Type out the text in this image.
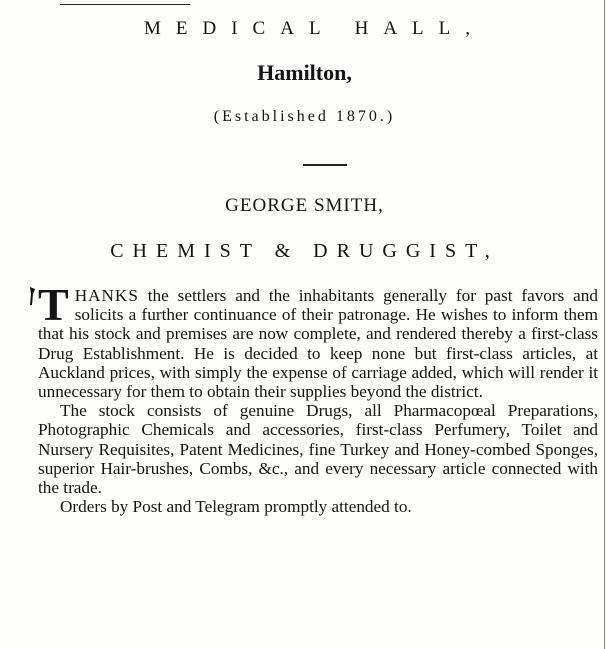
MEDICAL HALL,
Hamilton,
(Established 1870.)
GEORGE SMITH,
CHEMIST & DRUGGIST,

THANKS the settlers and the inhabitants generally for past favors and solicits a further continuance of their patronage. He wishes to inform them that his stock and premises are now complete, and rendered thereby a first-class Drug Establishment. He is decided to keep none but first-class articles, at Auckland prices, with simply the expense of carriage added, which will render it unnecessary for them to obtain their supplies beyond the district.

The stock consists of genuine Drugs, all Pharmacopœal Preparations, Photographic Chemicals and accessories, first-class Perfumery, Toilet and Nursery Requisites, Patent Medicines, fine Turkey and Honey-combed Sponges, superior Hair-brushes, Combs, &c., and every necessary article connected with the trade.

Orders by Post and Telegram promptly attended to.
